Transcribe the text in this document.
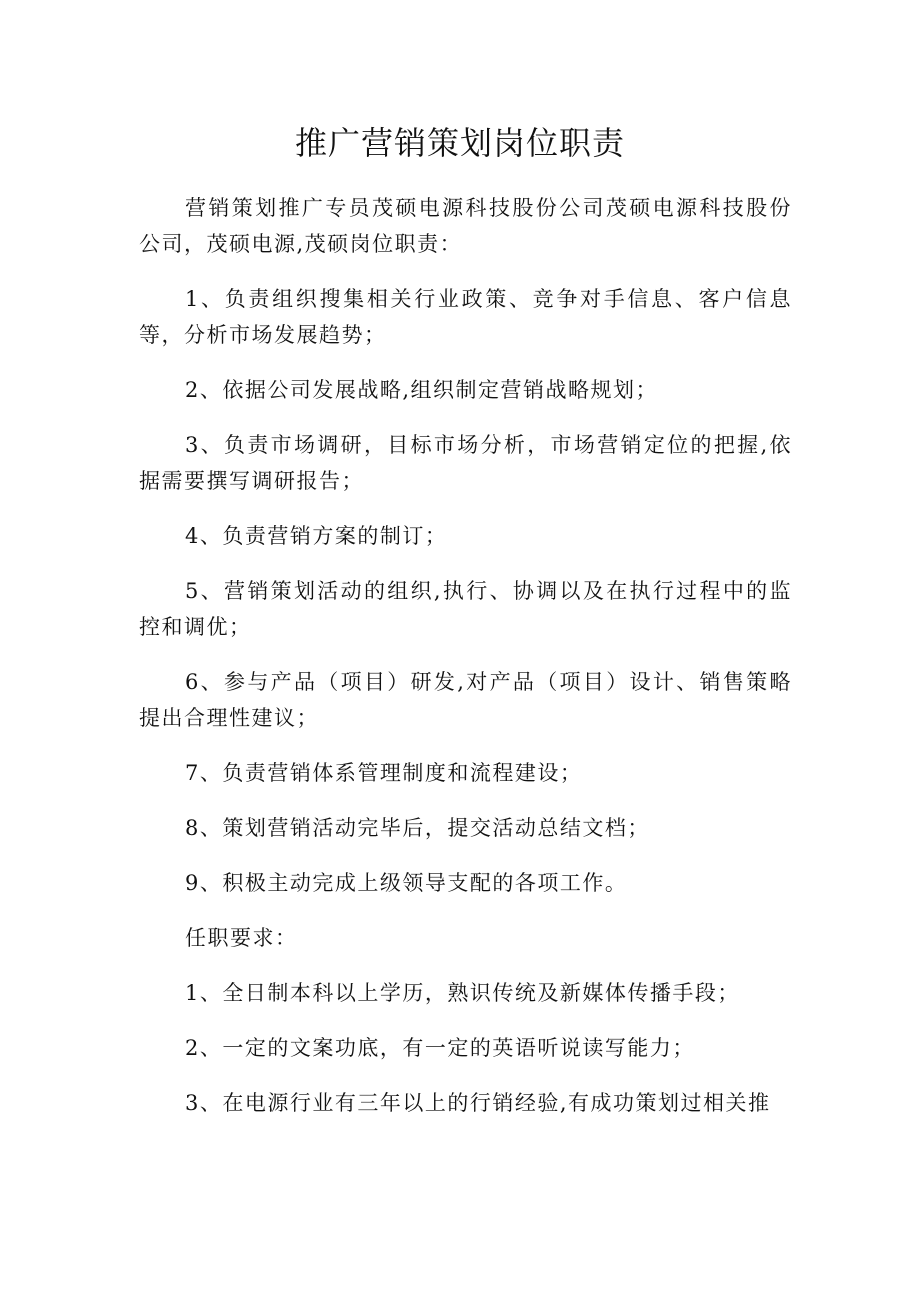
推广营销策划岗位职责

营销策划推广专员茂硕电源科技股份公司茂硕电源科技股份公司，茂硕电源,茂硕岗位职责：

1、负责组织搜集相关行业政策、竞争对手信息、客户信息等，分析市场发展趋势；

2、依据公司发展战略,组织制定营销战略规划；

3、负责市场调研，目标市场分析，市场营销定位的把握,依据需要撰写调研报告；

4、负责营销方案的制订；

5、营销策划活动的组织,执行、协调以及在执行过程中的监控和调优；

6、参与产品（项目）研发,对产品（项目）设计、销售策略提出合理性建议；

7、负责营销体系管理制度和流程建设；

8、策划营销活动完毕后，提交活动总结文档；

9、积极主动完成上级领导支配的各项工作。

任职要求：

1、全日制本科以上学历，熟识传统及新媒体传播手段；

2、一定的文案功底，有一定的英语听说读写能力；

3、在电源行业有三年以上的行销经验,有成功策划过相关推
